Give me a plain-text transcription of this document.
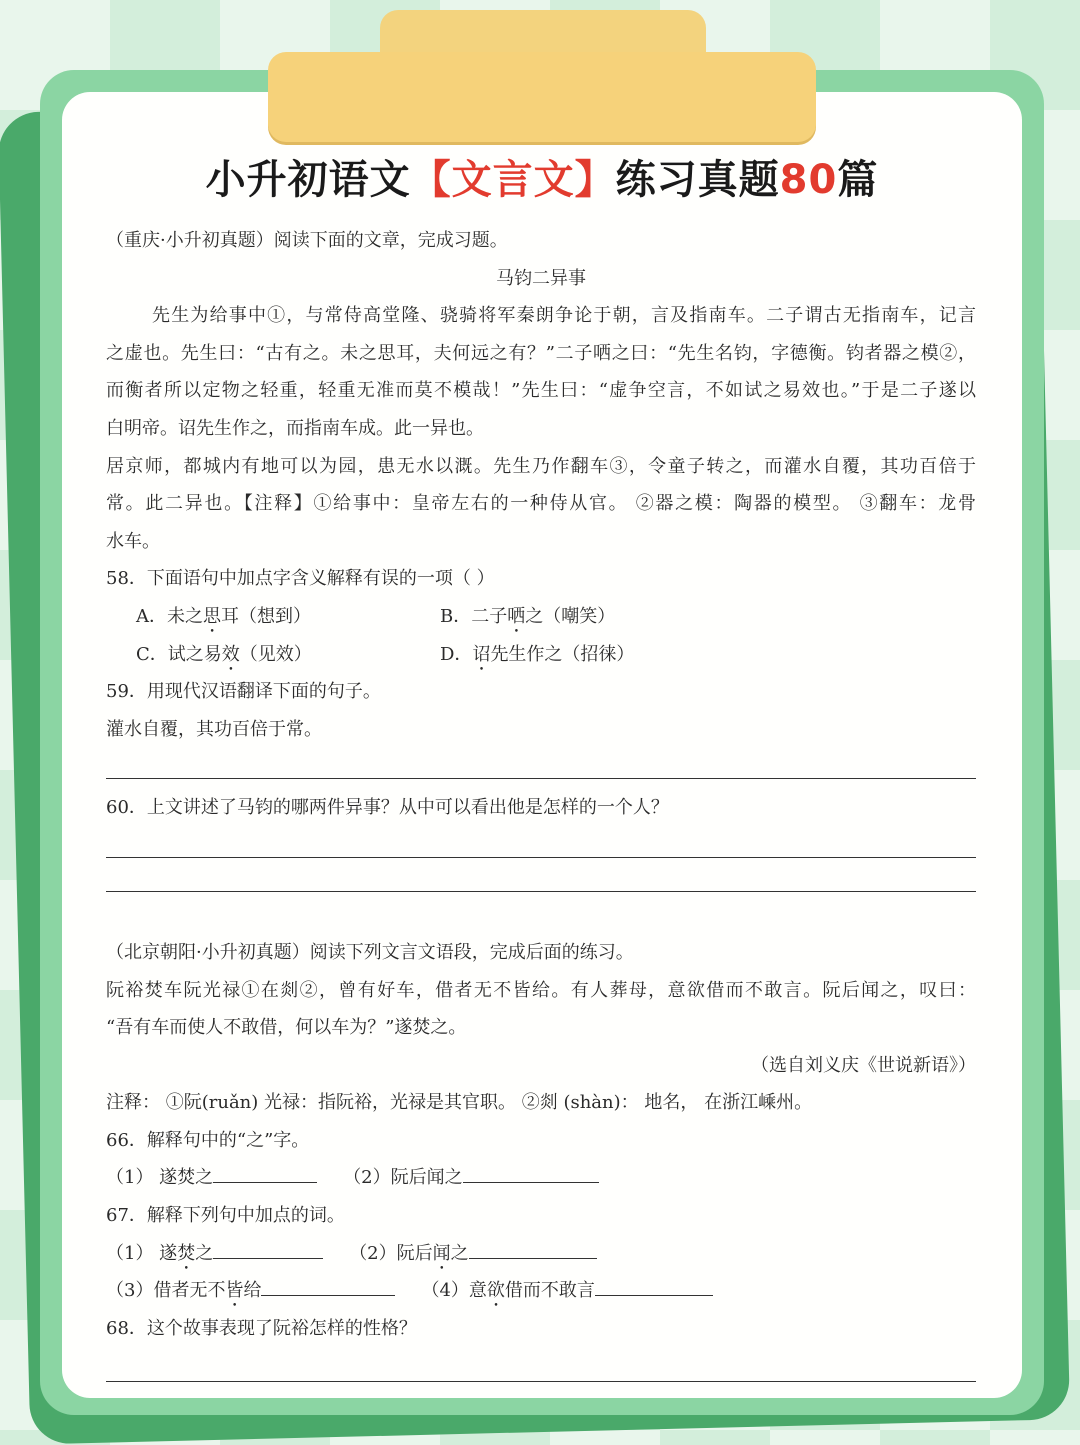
小升初语文【文言文】练习真题80篇
（重庆·小升初真题）阅读下面的文章，完成习题。
马钧二异事
先生为给事中①，与常侍高堂隆、骁骑将军秦朗争论于朝，言及指南车。二子谓古无指南车，记言
之虚也。先生曰：“古有之。未之思耳，夫何远之有？”二子哂之曰：“先生名钧，字德衡。钧者器之模②，
而衡者所以定物之轻重，轻重无准而莫不模哉！”先生曰：“虚争空言，不如试之易效也。”于是二子遂以
白明帝。诏先生作之，而指南车成。此一异也。
居京师，都城内有地可以为园，患无水以溉。先生乃作翻车③，令童子转之，而灌水自覆，其功百倍于
常。此二异也。【注释】①给事中：皇帝左右的一种侍从官。 ②器之模：陶器的模型。 ③翻车：龙骨
水车。
58．下面语句中加点字含义解释有误的一项（ ）
A．未之思耳（想到）	B．二子哂之（嘲笑）
C．试之易效（见效）	D．诏先生作之（招徕）
59．用现代汉语翻译下面的句子。
灌水自覆，其功百倍于常。
60．上文讲述了马钧的哪两件异事？从中可以看出他是怎样的一个人？
（北京朝阳·小升初真题）阅读下列文言文语段，完成后面的练习。
阮裕焚车阮光禄①在剡②，曾有好车，借者无不皆给。有人葬母，意欲借而不敢言。阮后闻之，叹曰：
“吾有车而使人不敢借，何以车为？”遂焚之。
（选自刘义庆《世说新语》）
注释： ①阮(ruǎn) 光禄：指阮裕，光禄是其官职。 ②剡 (shàn)： 地名， 在浙江嵊州。
66．解释句中的“之”字。
（1） 遂焚之	（2）阮后闻之
67．解释下列句中加点的词。
（1） 遂焚之	（2）阮后闻之
（3）借者无不皆给	（4）意欲借而不敢言
68．这个故事表现了阮裕怎样的性格？
